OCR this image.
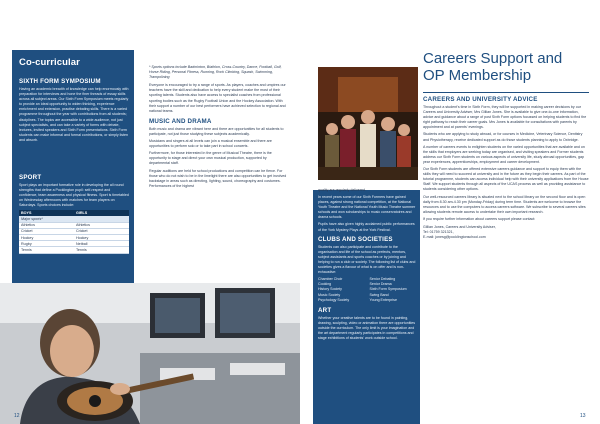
Co-curricular
SIXTH FORM SYMPOSIUM
Having an academic breadth of knowledge can help enormously with preparation for interviews and hone the finer threads of essay skills across all subject areas. Our Sixth Form Symposium meets regularly to provide an ideal opportunity to widen thinking, experience enrichment and extension, practise debating skills. There is a varied programme throughout the year with contributions from all students; disciplines. The topics are accessible to a wide audience, not just subject specialists, and can take a variety of forms with debate, lectures, invited speakers and Sixth Form presentations. Sixth Form students can make informal and formal contributions, or simply listen and absorb.
SPORT
Sport plays an important formative role in developing the all round strengths that define a Pocklington pupil: self-respect and confidence, team awareness and physical fitness. Sport is timetabled on Wednesday afternoons with matches for team players on Saturdays. Sports choices include:
BOYS	GIRLS
Major sports*	
Athletics	Athletics
Cricket	Cricket
Hockey	Hockey
Rugby	Netball
Tennis	Tennis
* Sports options include Badminton, Biathlon, Cross-Country, Dance, Football, Golf, Horse Riding, Personal Fitness, Running, Rock Climbing, Squash, Swimming, Trampolining
Everyone is encouraged to try a range of sports. As players, coaches and umpires our teachers have the skill and dedication to help every student make the most of their sporting talents. Students also have access to specialist coaches from professional sporting bodies such as the Rugby Football Union and the Hockey Association. With their support a number of our best performers have achieved selection to regional and national teams.
MUSIC AND DRAMA
Both music and drama are vibrant here and there are opportunities for all students to participate, not just those studying these subjects academically.
Musicians and singers at all levels can join a musical ensemble and there are opportunities to perform solo or to take part in school concerts.
Furthermore, for those interested in the genre of Musical Theatre, there is the opportunity to stage and direct your own musical production, supported by departmental staff.
Regular auditions are held for school productions and competition can be fierce. For those who do not wish to be in the limelight there are also opportunities to get involved backstage in areas such as directing, lighting, sound, choreography and costumes. Performances of the highest
12
quality are regularly delivered.
In recent years some of our Sixth Formers have gained places, against strong national competition, at the National Youth Theatre and the National Youth Music Theatre summer schools and won scholarships to music conservatoires and drama schools.
Pupils have also given highly acclaimed public performances of the York Mystery Plays at the York Festival.
CLUBS AND SOCIETIES
Students can also participate and contribute to the organisation and life of the school as prefects, mentors, subject assistants and sports coaches or by joining and helping to run a club or society. The following list of clubs and societies gives a flavour of what is on offer and is non-exhaustive:
Chamber Choir	Senior Debating
Cooking	Senior Drama
History Society	Sixth Form Symposium
Music Society	Swing Band
Psychology Society	Young Enterprise
ART
Whether your creative talents are to be found in painting, drawing, sculpting, video or animation there are opportunities outside the curriculum. The only limit is your imagination and the art department regularly participates in competitions and stage exhibitions of students' work outside school.
Careers Support and
OP Membership
CAREERS AND UNIVERSITY ADVICE
Throughout a student's time in Sixth Form, they will be supported in making career decisions by our Careers and University Adviser, Mrs Gillian Jones. She is available to give one-to-one information, advice and guidance about a range of post Sixth Form options focussed on helping students to find the right pathway to reach their career goals. Mrs Jones is available for consultations with parents by appointment and at parents' evenings.
Students who are applying to study abroad, or for courses in Medicine, Veterinary Science, Dentistry and Physiotherapy, receive dedicated support as do those students planning to apply to Oxbridge.
A number of careers events to enlighten students on the varied opportunities that are available and on the skills that employers are seeking today are organised, and visiting speakers and Former students address our Sixth Form students on various aspects of university life, study abroad opportunities, gap year experiences, apprenticeships, employment and career development.
Our Sixth Form students are offered extensive careers guidance and support to equip them with the skills they will need to succeed at university and in the future as they begin their careers. As part of the tutorial programme, students can access individual help with their university applications from the House Staff. We support students through all aspects of the UCAS process as well as providing assistance to students considering other options.
Our well-resourced careers library is situated next to the school library on the second floor and is open daily from 8.30 am-4.30 pm (Monday-Friday) during term time. Students are welcome to browse the resources and to use the computers to access careers software. We subscribe to several careers sites allowing students remote access to undertake their own important research.
If you require further information about careers support please contact:
Gillian Jones, Careers and University Adviser,
Tel: 01759 321321,
E-mail: jonesg@pocklingtonschool.com
13
